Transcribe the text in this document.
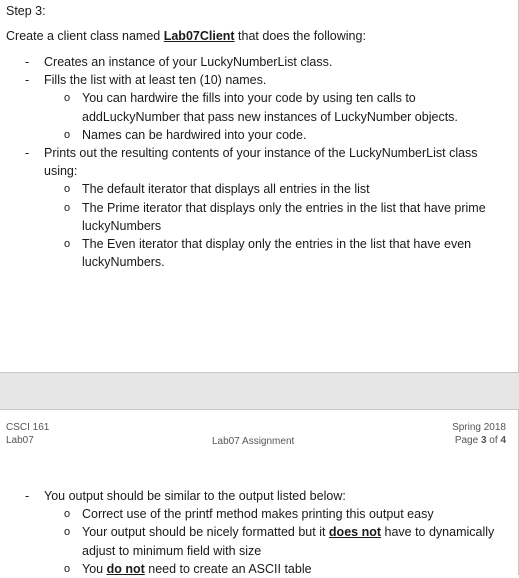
Step 3:
Create a client class named Lab07Client that does the following:
- Creates an instance of your LuckyNumberList class.
- Fills the list with at least ten (10) names.
o You can hardwire the fills into your code by using ten calls to addLuckyNumber that pass new instances of LuckyNumber objects.
o Names can be hardwired into your code.
- Prints out the resulting contents of your instance of the LuckyNumberList class using:
o The default iterator that displays all entries in the list
o The Prime iterator that displays only the entries in the list that have prime luckyNumbers
o The Even iterator that display only the entries in the list that have even luckyNumbers.
CSCI 161
Lab07	Lab07 Assignment
Spring 2018
Page 3 of 4
- You output should be similar to the output listed below:
o Correct use of the printf method makes printing this output easy
o Your output should be nicely formatted but it does not have to dynamically adjust to minimum field with size
o You do not need to create an ASCII table
